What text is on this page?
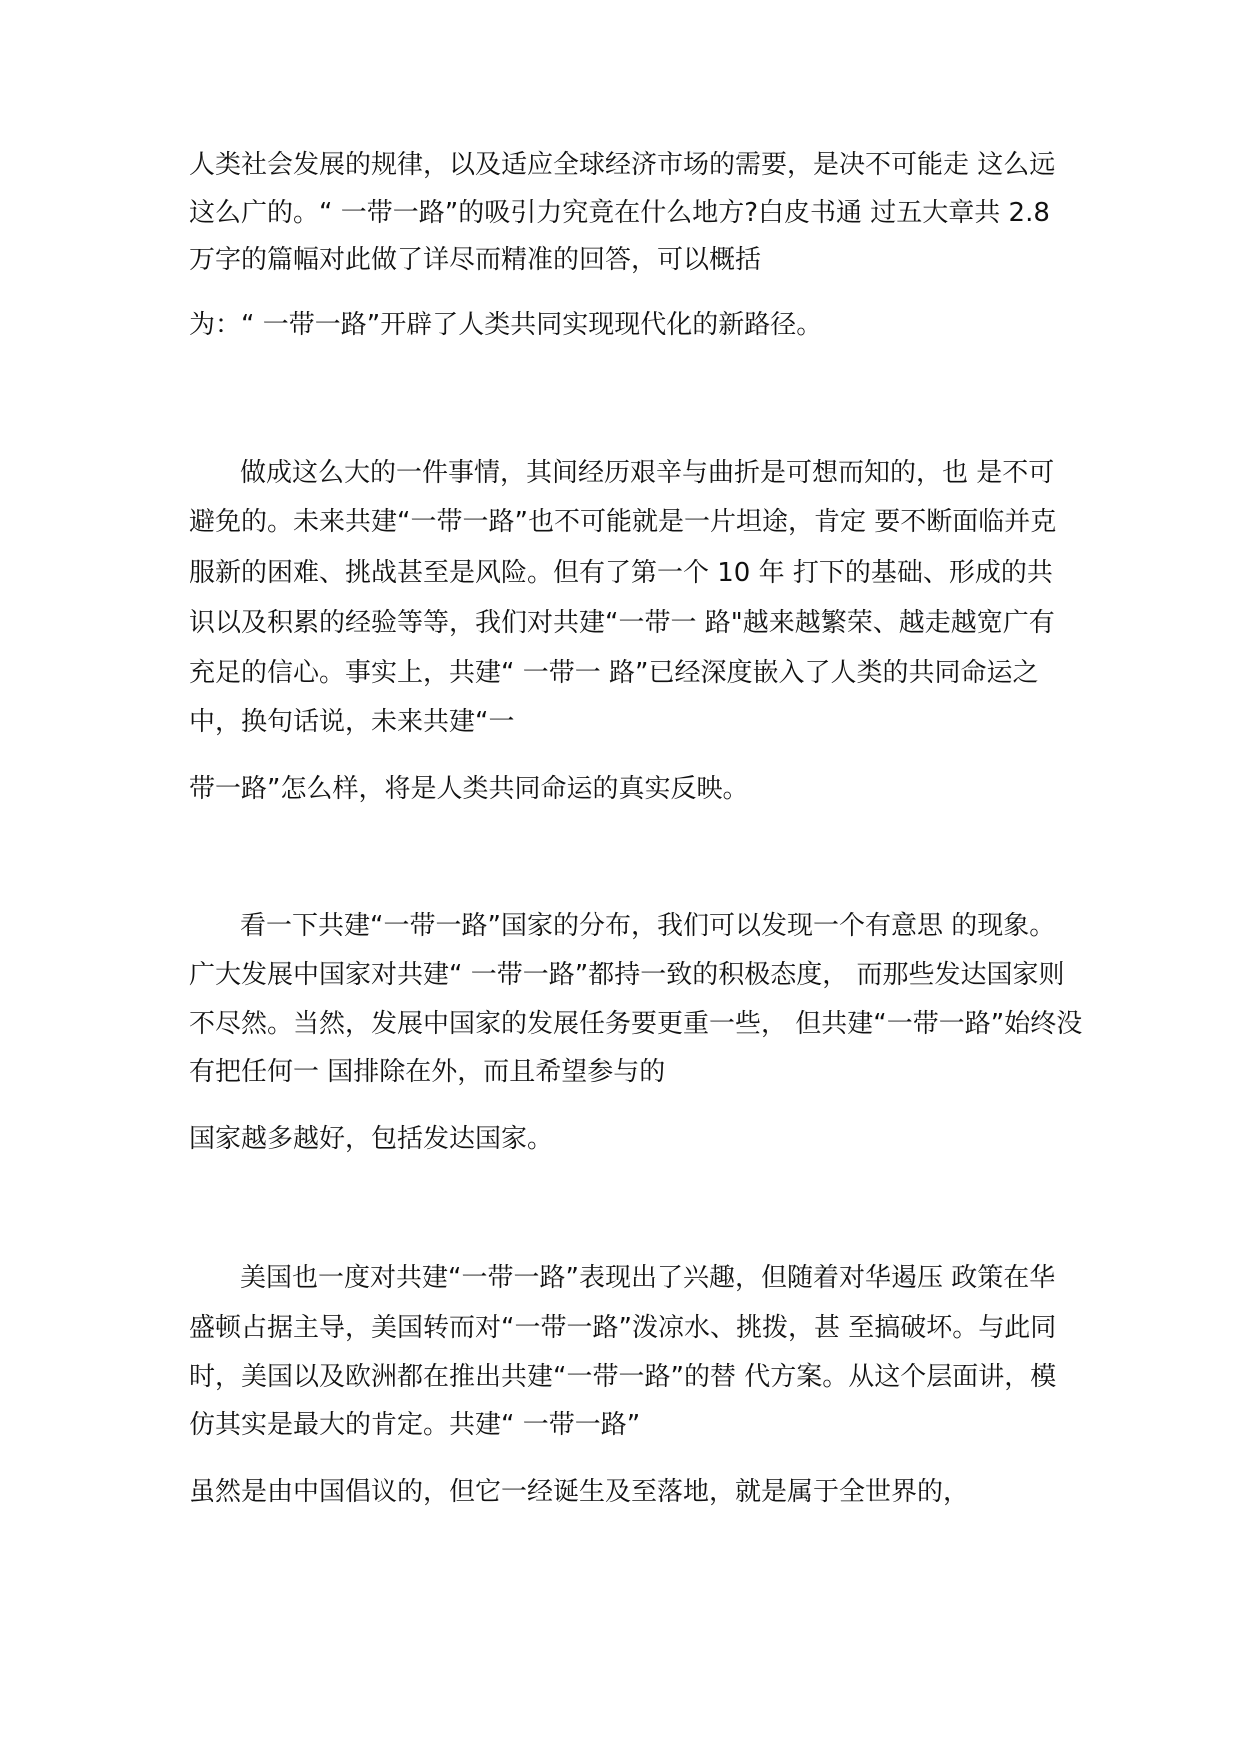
人类社会发展的规律，以及适应全球经济市场的需要，是决不可能走 这么远
这么广的。“ 一带一路”的吸引力究竟在什么地方?白皮书通 过五大章共 2.8
万字的篇幅对此做了详尽而精准的回答，可以概括
为：“ 一带一路”开辟了人类共同实现现代化的新路径。
做成这么大的一件事情，其间经历艰辛与曲折是可想而知的，也 是不可
避免的。未来共建“一带一路”也不可能就是一片坦途，肯定 要不断面临并克
服新的困难、挑战甚至是风险。但有了第一个 10 年 打下的基础、形成的共
识以及积累的经验等等，我们对共建“一带一 路"越来越繁荣、越走越宽广有
充足的信心。事实上，共建“ 一带一 路”已经深度嵌入了人类的共同命运之
中，换句话说，未来共建“一
带一路”怎么样，将是人类共同命运的真实反映。
看一下共建“一带一路”国家的分布，我们可以发现一个有意思 的现象。
广大发展中国家对共建“ 一带一路”都持一致的积极态度， 而那些发达国家则
不尽然。当然，发展中国家的发展任务要更重一些， 但共建“一带一路”始终没
有把任何一 国排除在外，而且希望参与的
国家越多越好，包括发达国家。
美国也一度对共建“一带一路”表现出了兴趣，但随着对华遏压 政策在华
盛顿占据主导，美国转而对“一带一路”泼凉水、挑拨，甚 至搞破坏。与此同
时，美国以及欧洲都在推出共建“一带一路”的替 代方案。从这个层面讲，模
仿其实是最大的肯定。共建“ 一带一路”
虽然是由中国倡议的，但它一经诞生及至落地，就是属于全世界的，
